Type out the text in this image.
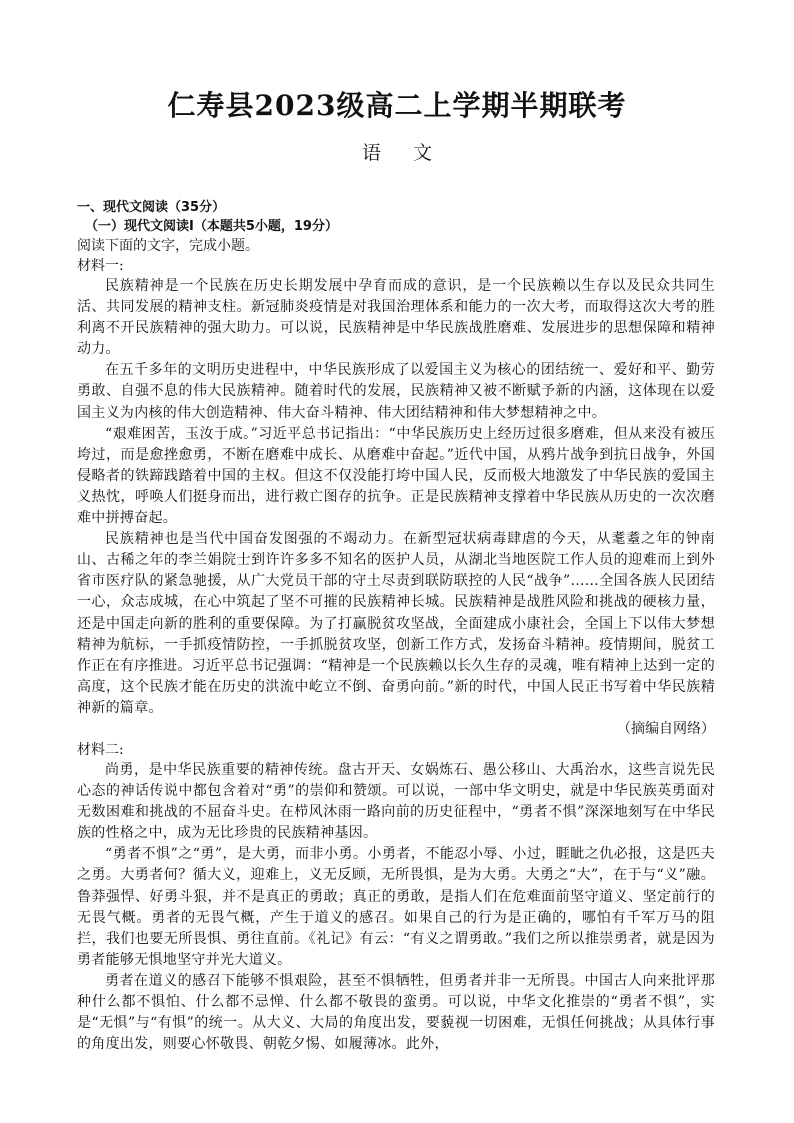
仁寿县2023级高二上学期半期联考
语 文

一、现代文阅读（35分）

（一）现代文阅读Ⅰ（本题共5小题，19分）

阅读下面的文字，完成小题。

材料一:

民族精神是一个民族在历史长期发展中孕育而成的意识，是一个民族赖以生存以及民众共同生活、共同发展的精神支柱。新冠肺炎疫情是对我国治理体系和能力的一次大考，而取得这次大考的胜利离不开民族精神的强大助力。可以说，民族精神是中华民族战胜磨难、发展进步的思想保障和精神动力。

在五千多年的文明历史进程中，中华民族形成了以爱国主义为核心的团结统一、爱好和平、勤劳勇敢、自强不息的伟大民族精神。随着时代的发展，民族精神又被不断赋予新的内涵，这体现在以爱国主义为内核的伟大创造精神、伟大奋斗精神、伟大团结精神和伟大梦想精神之中。

“艰难困苦，玉汝于成。”习近平总书记指出：“中华民族历史上经历过很多磨难，但从来没有被压垮过，而是愈挫愈勇，不断在磨难中成长、从磨难中奋起。”近代中国，从鸦片战争到抗日战争，外国侵略者的铁蹄践踏着中国的主权。但这不仅没能打垮中国人民，反而极大地激发了中华民族的爱国主义热忱，呼唤人们挺身而出，进行救亡图存的抗争。正是民族精神支撑着中华民族从历史的一次次磨难中拼搏奋起。

民族精神也是当代中国奋发图强的不竭动力。在新型冠状病毒肆虐的今天，从耄耋之年的钟南山、古稀之年的李兰娟院士到许许多多不知名的医护人员，从湖北当地医院工作人员的迎难而上到外省市医疗队的紧急驰援，从广大党员干部的守土尽责到联防联控的人民“战争”……全国各族人民团结一心，众志成城，在心中筑起了坚不可摧的民族精神长城。民族精神是战胜风险和挑战的硬核力量，还是中国走向新的胜利的重要保障。为了打赢脱贫攻坚战，全面建成小康社会，全国上下以伟大梦想精神为航标，一手抓疫情防控，一手抓脱贫攻坚，创新工作方式，发扬奋斗精神。疫情期间，脱贫工作正在有序推进。习近平总书记强调：“精神是一个民族赖以长久生存的灵魂，唯有精神上达到一定的高度，这个民族才能在历史的洪流中屹立不倒、奋勇向前。”新的时代，中国人民正书写着中华民族精神新的篇章。

（摘编自网络）

材料二:

尚勇，是中华民族重要的精神传统。盘古开天、女娲炼石、愚公移山、大禹治水，这些言说先民心态的神话传说中都包含着对“勇”的崇仰和赞颂。可以说，一部中华文明史，就是中华民族英勇面对无数困难和挑战的不屈奋斗史。在栉风沐雨一路向前的历史征程中，“勇者不惧”深深地刻写在中华民族的性格之中，成为无比珍贵的民族精神基因。

“勇者不惧”之“勇”，是大勇，而非小勇。小勇者，不能忍小辱、小过，睚眦之仇必报，这是匹夫之勇。大勇者何？循大义，迎难上，义无反顾，无所畏惧，是为大勇。大勇之“大”，在于与“义”融。鲁莽强悍、好勇斗狠，并不是真正的勇敢；真正的勇敢，是指人们在危难面前坚守道义、坚定前行的无畏气概。勇者的无畏气概，产生于道义的感召。如果自己的行为是正确的，哪怕有千军万马的阻拦，我们也要无所畏惧、勇往直前。《礼记》有云：“有义之谓勇敢。”我们之所以推崇勇者，就是因为勇者能够无惧地坚守并光大道义。

勇者在道义的感召下能够不惧艰险，甚至不惧牺牲，但勇者并非一无所畏。中国古人向来批评那种什么都不惧怕、什么都不忌惮、什么都不敬畏的蛮勇。可以说，中华文化推崇的“勇者不惧”，实是“无惧”与“有惧”的统一。从大义、大局的角度出发，要藐视一切困难，无惧任何挑战；从具体行事的角度出发，则要心怀敬畏、朝乾夕惕、如履薄冰。此外，
